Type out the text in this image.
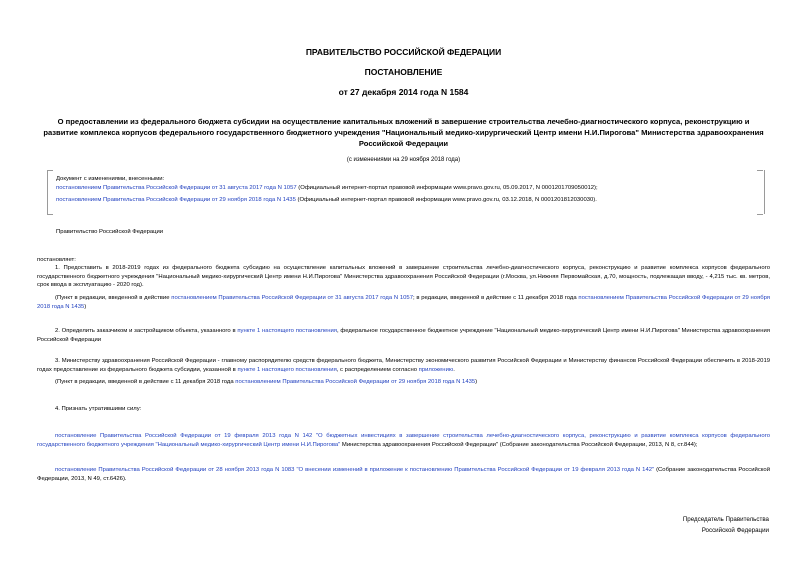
ПРАВИТЕЛЬСТВО РОССИЙСКОЙ ФЕДЕРАЦИИ
ПОСТАНОВЛЕНИЕ
от 27 декабря 2014 года N 1584
О предоставлении из федерального бюджета субсидии на осуществление капитальных вложений в завершение строительства лечебно-диагностического корпуса, реконструкцию и развитие комплекса корпусов федерального государственного бюджетного учреждения "Национальный медико-хирургический Центр имени Н.И.Пирогова" Министерства здравоохранения Российской Федерации
(с изменениями на 29 ноября 2018 года)
Документ с изменениями, внесенными:
постановлением Правительства Российской Федерации от 31 августа 2017 года N 1057 (Официальный интернет-портал правовой информации www.pravo.gov.ru, 05.09.2017, N 0001201709050012);
постановлением Правительства Российской Федерации от 29 ноября 2018 года N 1435 (Официальный интернет-портал правовой информации www.pravo.gov.ru, 03.12.2018, N 0001201812030030).
Правительство Российской Федерации
постановляет:
1. Предоставить в 2018-2019 годах из федерального бюджета субсидию на осуществление капитальных вложений в завершение строительства лечебно-диагностического корпуса, реконструкцию и развитие комплекса корпусов федерального государственного бюджетного учреждения "Национальный медико-хирургический Центр имени Н.И.Пирогова" Министерства здравоохранения Российской Федерации (г.Москва, ул.Нижняя Первомайская, д.70, мощность, подлежащая вводу, - 4,215 тыс. кв. метров, срок ввода в эксплуатацию - 2020 год).
(Пункт в редакции, введенной в действие постановлением Правительства Российской Федерации от 31 августа 2017 года N 1057; в редакции, введенной в действие с 11 декабря 2018 года постановлением Правительства Российской Федерации от 29 ноября 2018 года N 1435)
2. Определить заказчиком и застройщиком объекта, указанного в пункте 1 настоящего постановления, федеральное государственное бюджетное учреждение "Национальный медико-хирургический Центр имени Н.И.Пирогова" Министерства здравоохранения Российской Федерации
3. Министерству здравоохранения Российской Федерации - главному распорядителю средств федерального бюджета, Министерству экономического развития Российской Федерации и Министерству финансов Российской Федерации обеспечить в 2018-2019 годах предоставление из федерального бюджета субсидии, указанной в пункте 1 настоящего постановления, с распределением согласно приложению.
(Пункт в редакции, введенной в действие с 11 декабря 2018 года постановлением Правительства Российской Федерации от 29 ноября 2018 года N 1435)
4. Признать утратившими силу:
постановление Правительства Российской Федерации от 19 февраля 2013 года N 142 "О бюджетных инвестициях в завершение строительства лечебно-диагностического корпуса, реконструкцию и развитие комплекса корпусов федерального государственного бюджетного учреждения "Национальный медико-хирургический Центр имени Н.И.Пирогова" Министерства здравоохранения Российской Федерации" (Собрание законодательства Российской Федерации, 2013, N 8, ст.844);
постановление Правительства Российской Федерации от 28 ноября 2013 года N 1083 "О внесении изменений в приложение к постановлению Правительства Российской Федерации от 19 февраля 2013 года N 142" (Собрание законодательства Российской Федерации, 2013, N 49, ст.6426).
Председатель Правительства
Российской Федерации
